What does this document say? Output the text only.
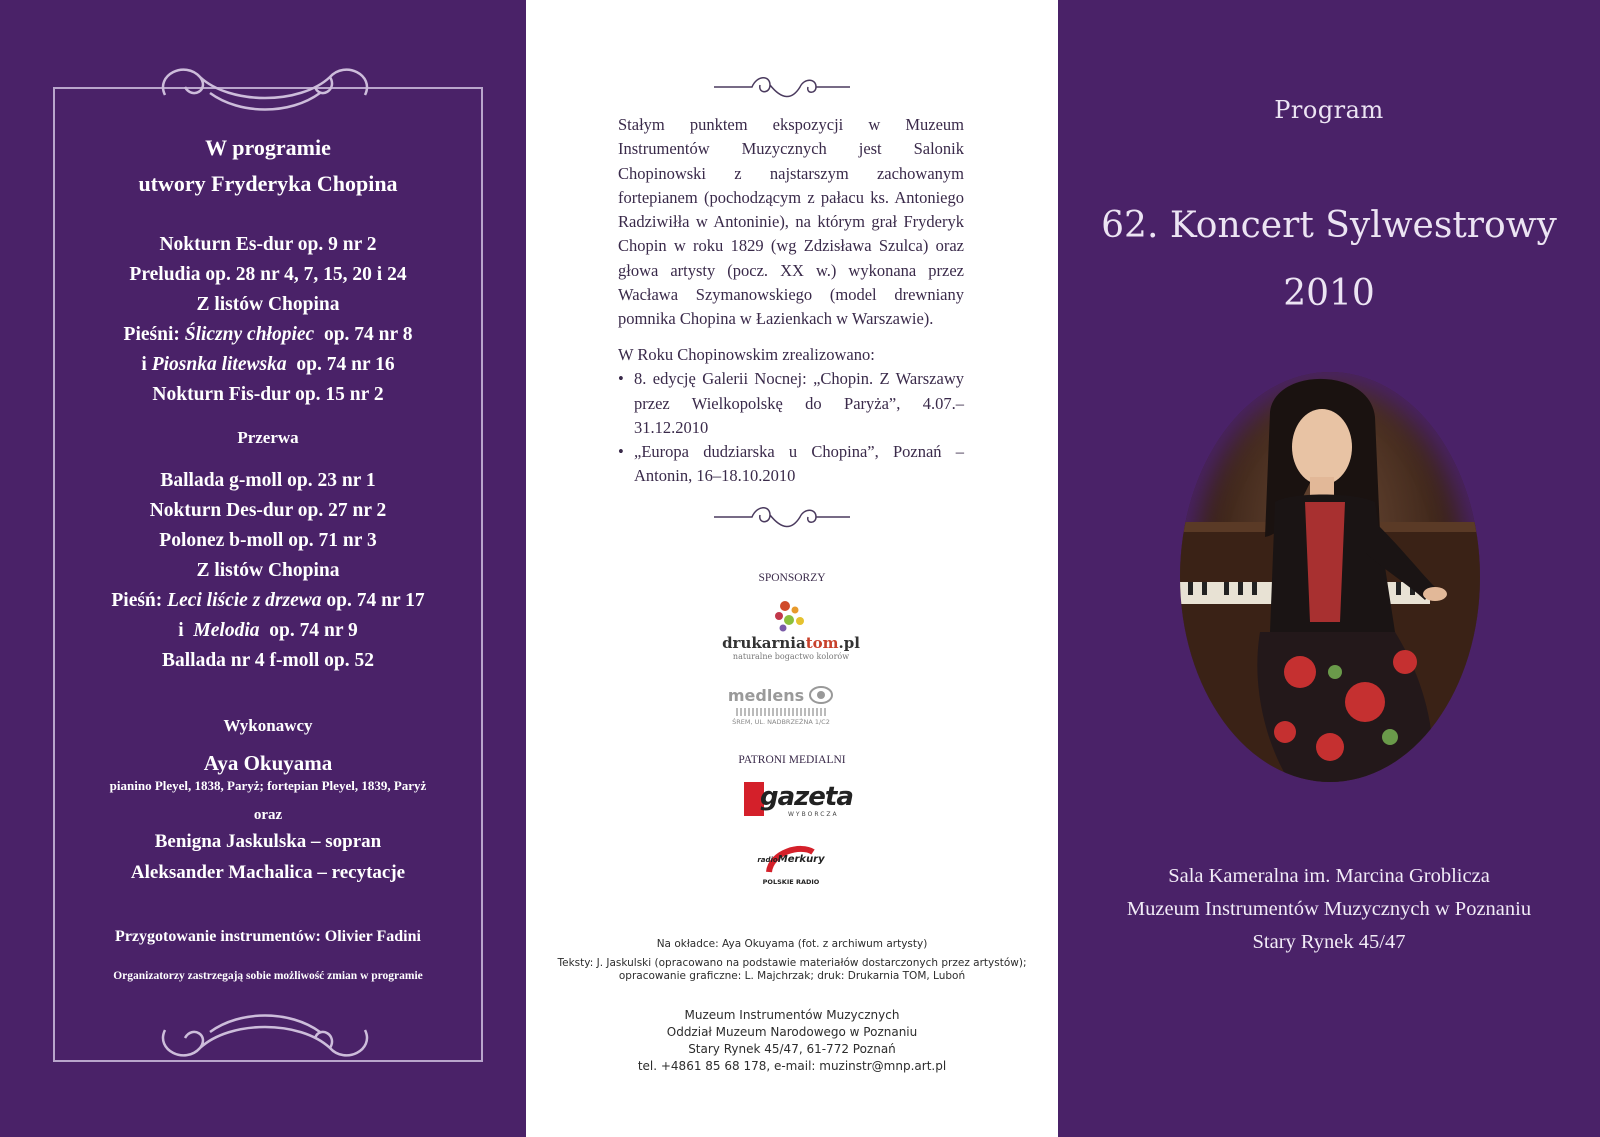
W programie
utwory Fryderyka Chopina
Nokturn Es-dur op. 9 nr 2
Preludia op. 28 nr 4, 7, 15, 20 i 24
Z listów Chopina
Pieśni: Śliczny chłopiec  op. 74 nr 8
i Piosnka litewska  op. 74 nr 16
Nokturn Fis-dur op. 15 nr 2
Przerwa
Ballada g-moll op. 23 nr 1
Nokturn Des-dur op. 27 nr 2
Polonez b-moll op. 71 nr 3
Z listów Chopina
Pieśń: Leci liście z drzewa op. 74 nr 17
i  Melodia  op. 74 nr 9
Ballada nr 4 f-moll op. 52
Wykonawcy
Aya Okuyama
pianino Pleyel, 1838, Paryż; fortepian Pleyel, 1839, Paryż
oraz
Benigna Jaskulska – sopran
Aleksander Machalica – recytacje
Przygotowanie instrumentów: Olivier Fadini
Organizatorzy zastrzegają sobie możliwość zmian w programie
Stałym punktem ekspozycji w Muzeum Instrumentów Muzycznych jest Salonik Chopinowski z najstarszym zachowanym fortepianem (pochodzącym z pałacu ks. Antoniego Radziwiłła w Antoninie), na którym grał Fryderyk Chopin w roku 1829 (wg Zdzisława Szulca) oraz głowa artysty (pocz. XX w.) wykonana przez Wacława Szymanowskiego (model drewniany pomnika Chopina w Łazienkach w Warszawie).
W Roku Chopinowskim zrealizowano:
• 8. edycję Galerii Nocnej: „Chopin. Z Warszawy przez Wielkopolskę do Paryża”, 4.07.–31.12.2010
• „Europa dudziarska u Chopina”, Poznań – Antonin, 16–18.10.2010
SPONSORZY
drukarniatom.pl
naturalne bogactwo kolorów
medlens
ŚREM, UL. NADBRZEŻNA 1/C2
PATRONI MEDIALNI
gazeta
WYBORCZA
radioMerkury
POLSKIE RADIO
Na okładce: Aya Okuyama (fot. z archiwum artysty)
Teksty: J. Jaskulski (opracowano na podstawie materiałów dostarczonych przez artystów);
opracowanie graficzne: L. Majchrzak; druk: Drukarnia TOM, Luboń
Muzeum Instrumentów Muzycznych
Oddział Muzeum Narodowego w Poznaniu
Stary Rynek 45/47, 61-772 Poznań
tel. +4861 85 68 178, e-mail: muzinstr@mnp.art.pl
Program
62. Koncert Sylwestrowy
2010
Sala Kameralna im. Marcina Groblicza
Muzeum Instrumentów Muzycznych w Poznaniu
Stary Rynek 45/47
